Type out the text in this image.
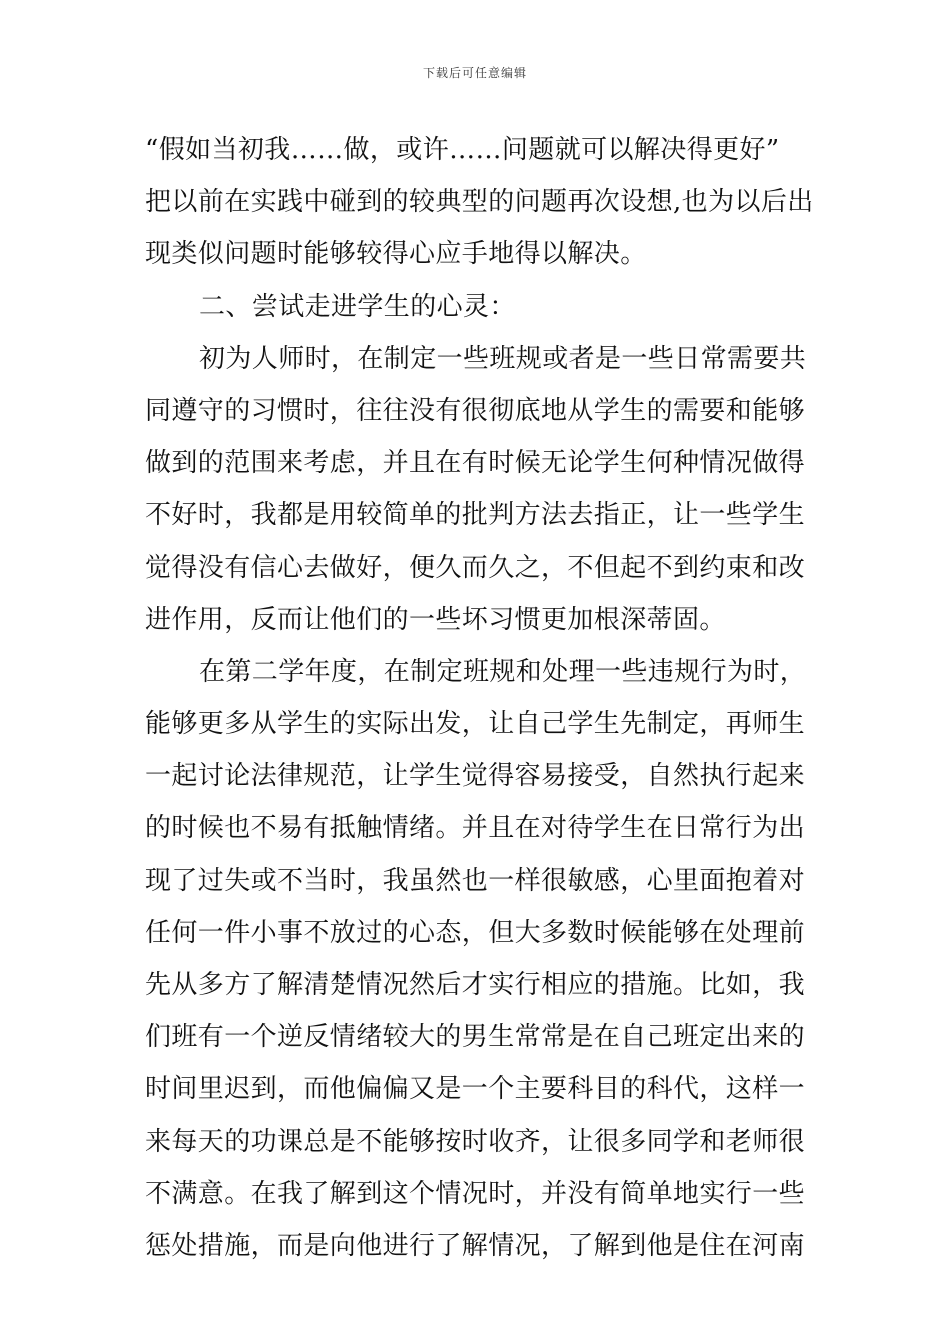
下载后可任意编辑
“假如当初我……做，或许……问题就可以解决得更好”
把以前在实践中碰到的较典型的问题再次设想,也为以后出
现类似问题时能够较得心应手地得以解决。
二、尝试走进学生的心灵：
初为人师时，在制定一些班规或者是一些日常需要共
同遵守的习惯时，往往没有很彻底地从学生的需要和能够
做到的范围来考虑，并且在有时候无论学生何种情况做得
不好时，我都是用较简单的批判方法去指正，让一些学生
觉得没有信心去做好，便久而久之，不但起不到约束和改
进作用，反而让他们的一些坏习惯更加根深蒂固。
在第二学年度，在制定班规和处理一些违规行为时，
能够更多从学生的实际出发，让自己学生先制定，再师生
一起讨论法律规范，让学生觉得容易接受，自然执行起来
的时候也不易有抵触情绪。并且在对待学生在日常行为出
现了过失或不当时，我虽然也一样很敏感，心里面抱着对
任何一件小事不放过的心态，但大多数时候能够在处理前
先从多方了解清楚情况然后才实行相应的措施。比如，我
们班有一个逆反情绪较大的男生常常是在自己班定出来的
时间里迟到，而他偏偏又是一个主要科目的科代，这样一
来每天的功课总是不能够按时收齐，让很多同学和老师很
不满意。在我了解到这个情况时，并没有简单地实行一些
惩处措施，而是向他进行了解情况，了解到他是住在河南
